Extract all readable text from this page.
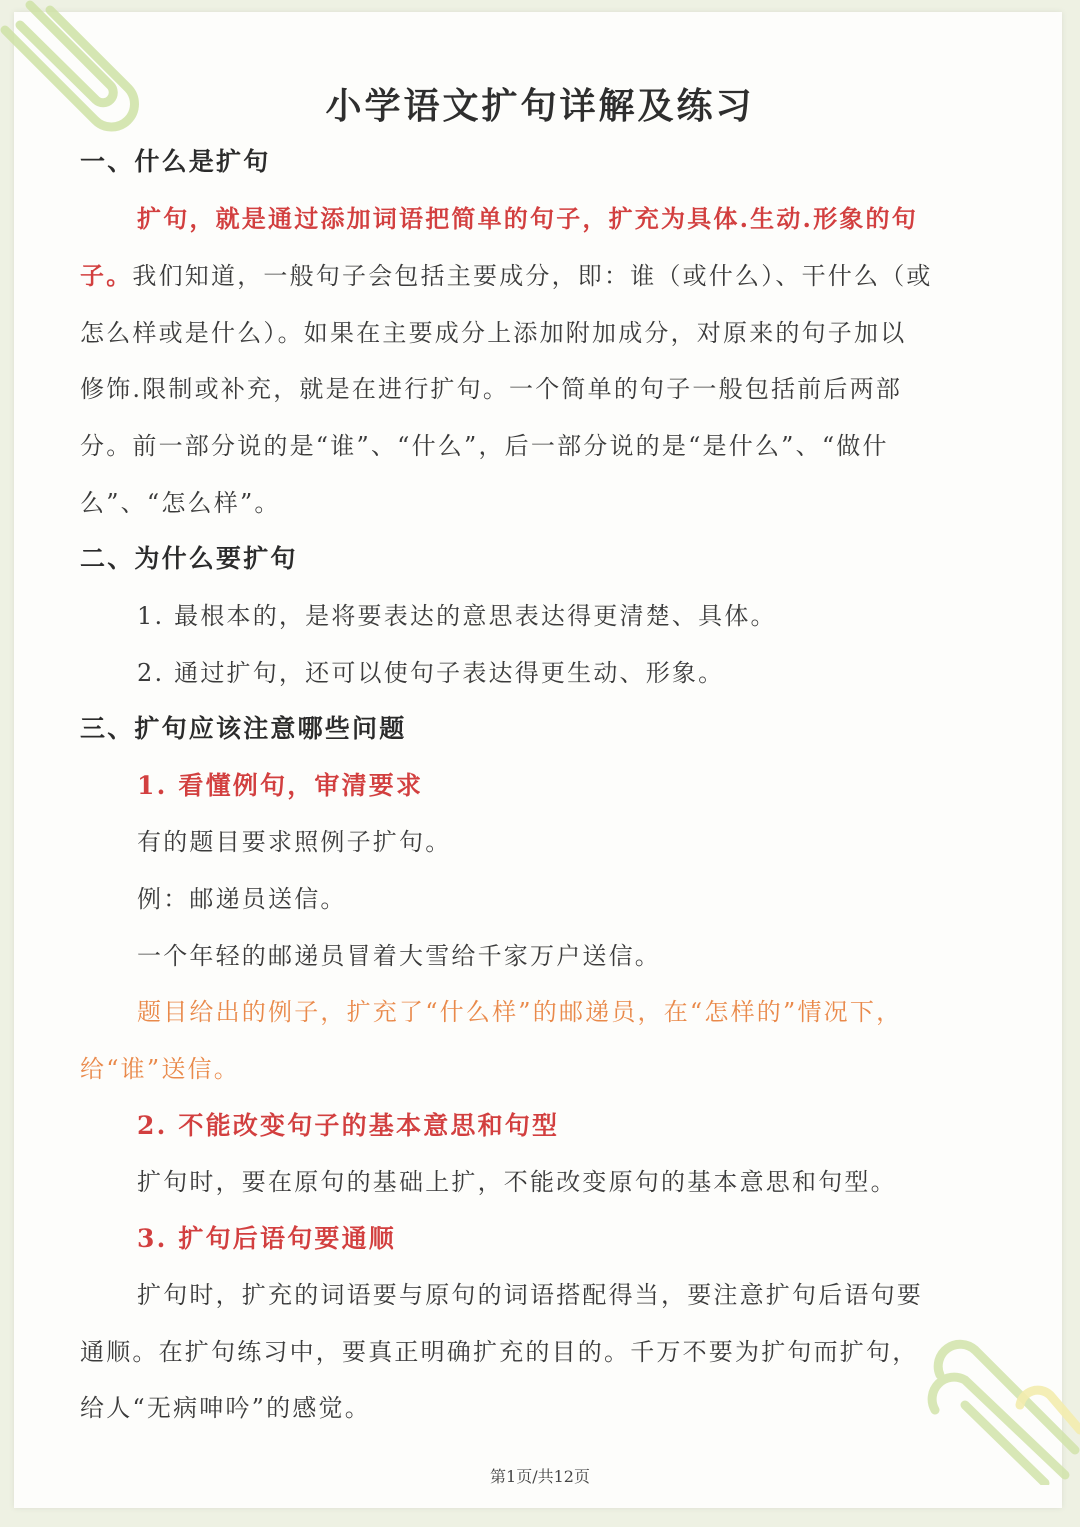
小学语文扩句详解及练习
一、什么是扩句
扩句，就是通过添加词语把简单的句子，扩充为具体.生动.形象的句
子。我们知道，一般句子会包括主要成分，即：谁（或什么）、干什么（或
怎么样或是什么）。如果在主要成分上添加附加成分，对原来的句子加以
修饰.限制或补充，就是在进行扩句。一个简单的句子一般包括前后两部
分。前一部分说的是“谁”、“什么”，后一部分说的是“是什么”、“做什
么”、“怎么样”。
二、为什么要扩句
1. 最根本的，是将要表达的意思表达得更清楚、具体。
2. 通过扩句，还可以使句子表达得更生动、形象。
三、扩句应该注意哪些问题
1. 看懂例句，审清要求
有的题目要求照例子扩句。
例：邮递员送信。
一个年轻的邮递员冒着大雪给千家万户送信。
题目给出的例子，扩充了“什么样”的邮递员，在“怎样的”情况下，
给“谁”送信。
2. 不能改变句子的基本意思和句型
扩句时，要在原句的基础上扩，不能改变原句的基本意思和句型。
3. 扩句后语句要通顺
扩句时，扩充的词语要与原句的词语搭配得当，要注意扩句后语句要
通顺。在扩句练习中，要真正明确扩充的目的。千万不要为扩句而扩句，
给人“无病呻吟”的感觉。
第1页/共12页
